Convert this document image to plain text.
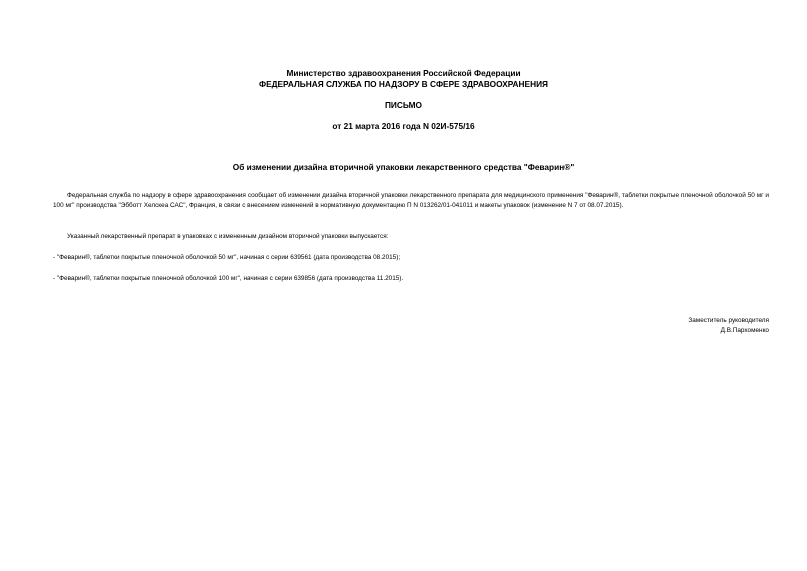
Министерство здравоохранения Российской Федерации
ФЕДЕРАЛЬНАЯ СЛУЖБА ПО НАДЗОРУ В СФЕРЕ ЗДРАВООХРАНЕНИЯ
ПИСЬМО
от 21 марта 2016 года N 02И-575/16
Об изменении дизайна вторичной упаковки лекарственного средства "Феварин®"
Федеральная служба по надзору в сфере здравоохранения сообщает об изменении дизайна вторичной упаковки лекарственного препарата для медицинского применения "Феварин®, таблетки покрытые пленочной оболочкой 50 мг и 100 мг" производства "Эбботт Хелскеа САС", Франция, в связи с внесением изменений в нормативную документацию П N 013262/01-041011 и макеты упаковок (изменение N 7 от 08.07.2015).
Указанный лекарственный препарат в упаковках с измененным дизайном вторичной упаковки выпускается:
- "Феварин®, таблетки покрытые пленочной оболочкой 50 мг", начиная с серии 639561 (дата производства 08.2015);
- "Феварин®, таблетки покрытые пленочной оболочкой 100 мг", начиная с серии 639856 (дата производства 11.2015).
Заместитель руководителя
Д.В.Пархоменко
